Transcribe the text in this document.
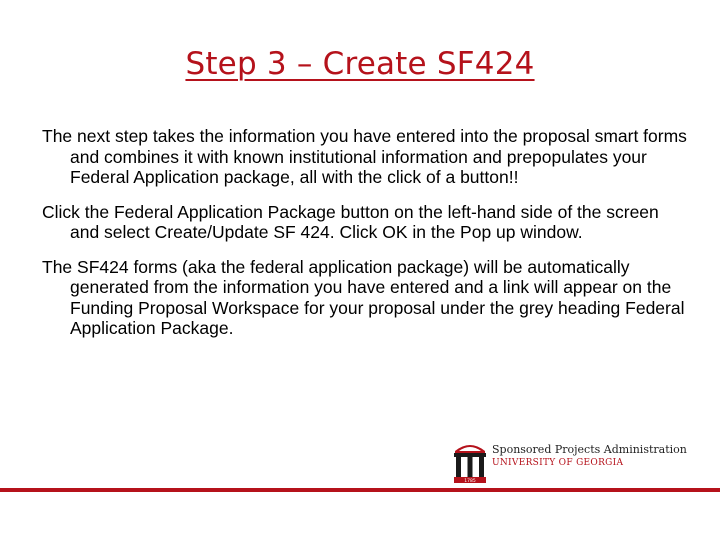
Step 3 – Create SF424

The next step takes the information you have entered into the proposal smart forms and combines it with known institutional information and prepopulates your Federal Application package, all with the click of a button!!

Click the Federal Application Package button on the left-hand side of the screen and select Create/Update SF 424. Click OK in the Pop up window.

The SF424 forms (aka the federal application package) will be automatically generated from the information you have entered and a link will appear on the Funding Proposal Workspace for your proposal under the grey heading Federal Application Package.

1785
Sponsored Projects Administration
UNIVERSITY OF GEORGIA
